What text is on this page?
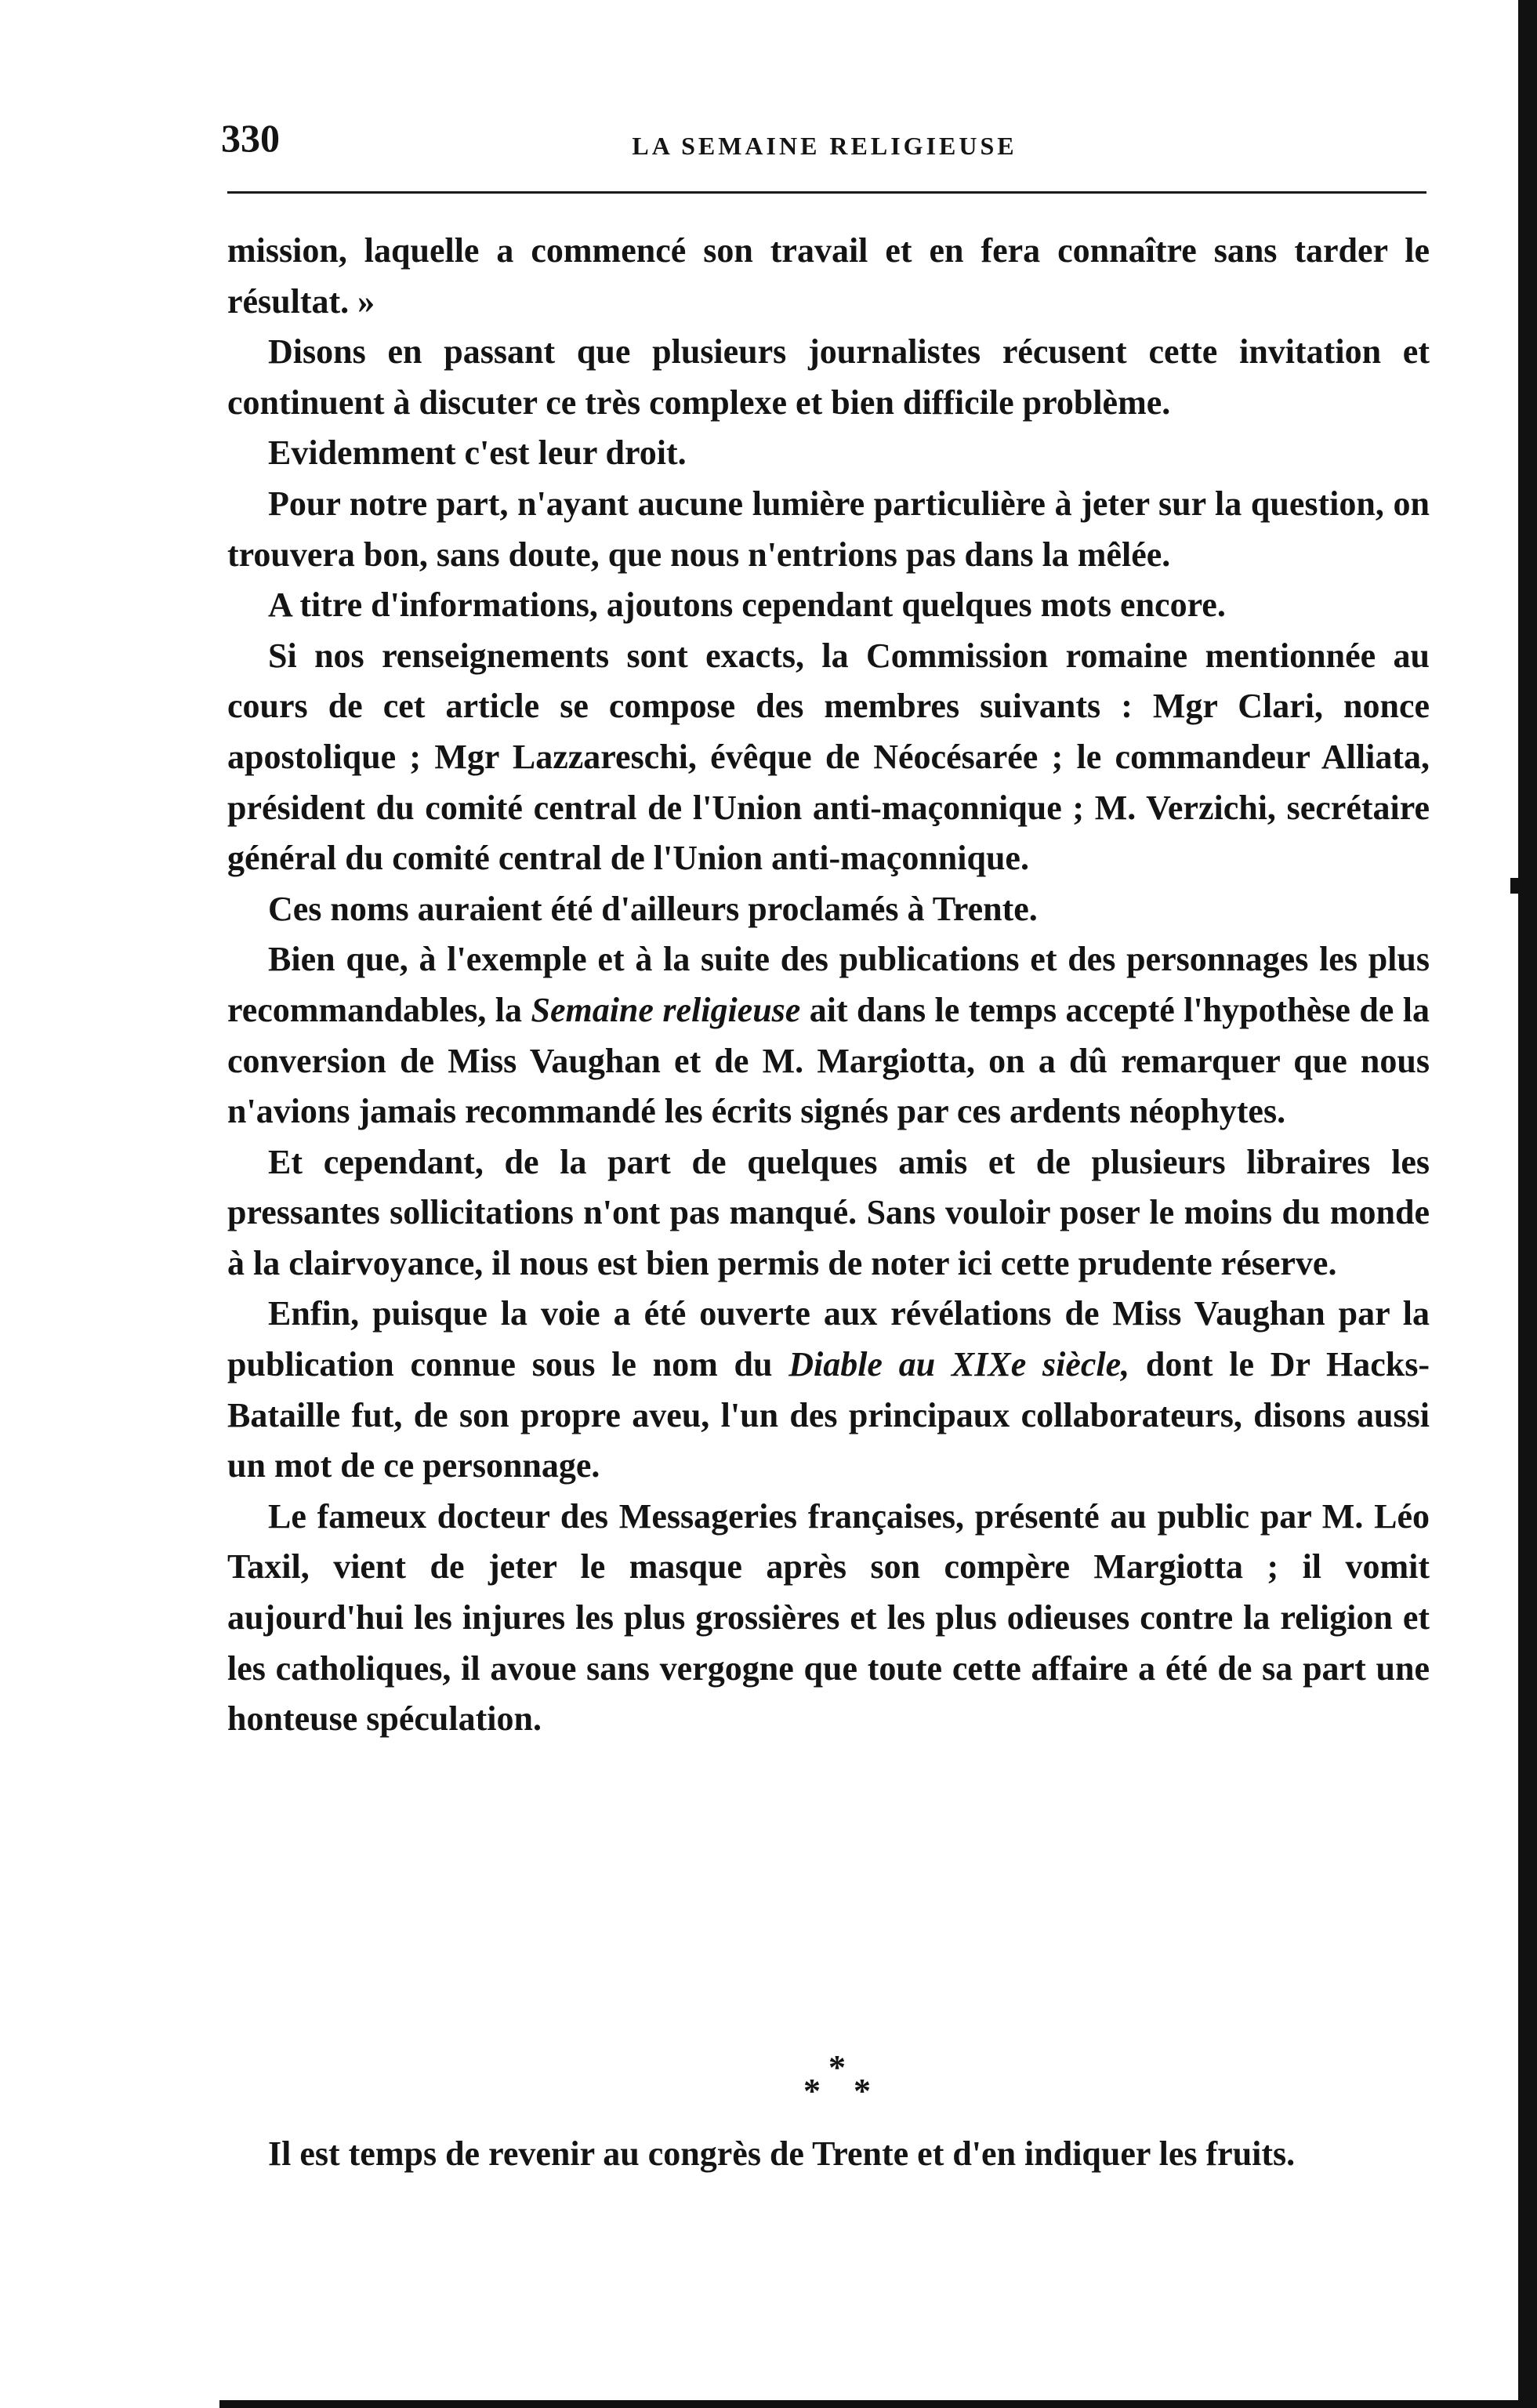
330	LA SEMAINE RELIGIEUSE

mission, laquelle a commencé son travail et en fera connaître sans tarder le résultat. »

Disons en passant que plusieurs journalistes récusent cette invitation et continuent à discuter ce très complexe et bien difficile problème.

Evidemment c'est leur droit.

Pour notre part, n'ayant aucune lumière particulière à jeter sur la question, on trouvera bon, sans doute, que nous n'entrions pas dans la mêlée.

A titre d'informations, ajoutons cependant quelques mots encore.

Si nos renseignements sont exacts, la Commission romaine mentionnée au cours de cet article se compose des membres suivants : Mgr Clari, nonce apostolique ; Mgr Lazzareschi, évêque de Néocésarée ; le commandeur Alliata, président du comité central de l'Union anti-maçonnique ; M. Verzichi, secrétaire général du comité central de l'Union anti-maçonnique.

Ces noms auraient été d'ailleurs proclamés à Trente.

Bien que, à l'exemple et à la suite des publications et des personnages les plus recommandables, la Semaine religieuse ait dans le temps accepté l'hypothèse de la conversion de Miss Vaughan et de M. Margiotta, on a dû remarquer que nous n'avions jamais recommandé les écrits signés par ces ardents néophytes.

Et cependant, de la part de quelques amis et de plusieurs libraires les pressantes sollicitations n'ont pas manqué. Sans vouloir poser le moins du monde à la clairvoyance, il nous est bien permis de noter ici cette prudente réserve.

Enfin, puisque la voie a été ouverte aux révélations de Miss Vaughan par la publication connue sous le nom du Diable au XIXe siècle, dont le Dr Hacks-Bataille fut, de son propre aveu, l'un des principaux collaborateurs, disons aussi un mot de ce personnage.

Le fameux docteur des Messageries françaises, présenté au public par M. Léo Taxil, vient de jeter le masque après son compère Margiotta ; il vomit aujourd'hui les injures les plus grossières et les plus odieuses contre la religion et les catholiques, il avoue sans vergogne que toute cette affaire a été de sa part une honteuse spéculation.

*
* *

Il est temps de revenir au congrès de Trente et d'en indiquer les fruits.
